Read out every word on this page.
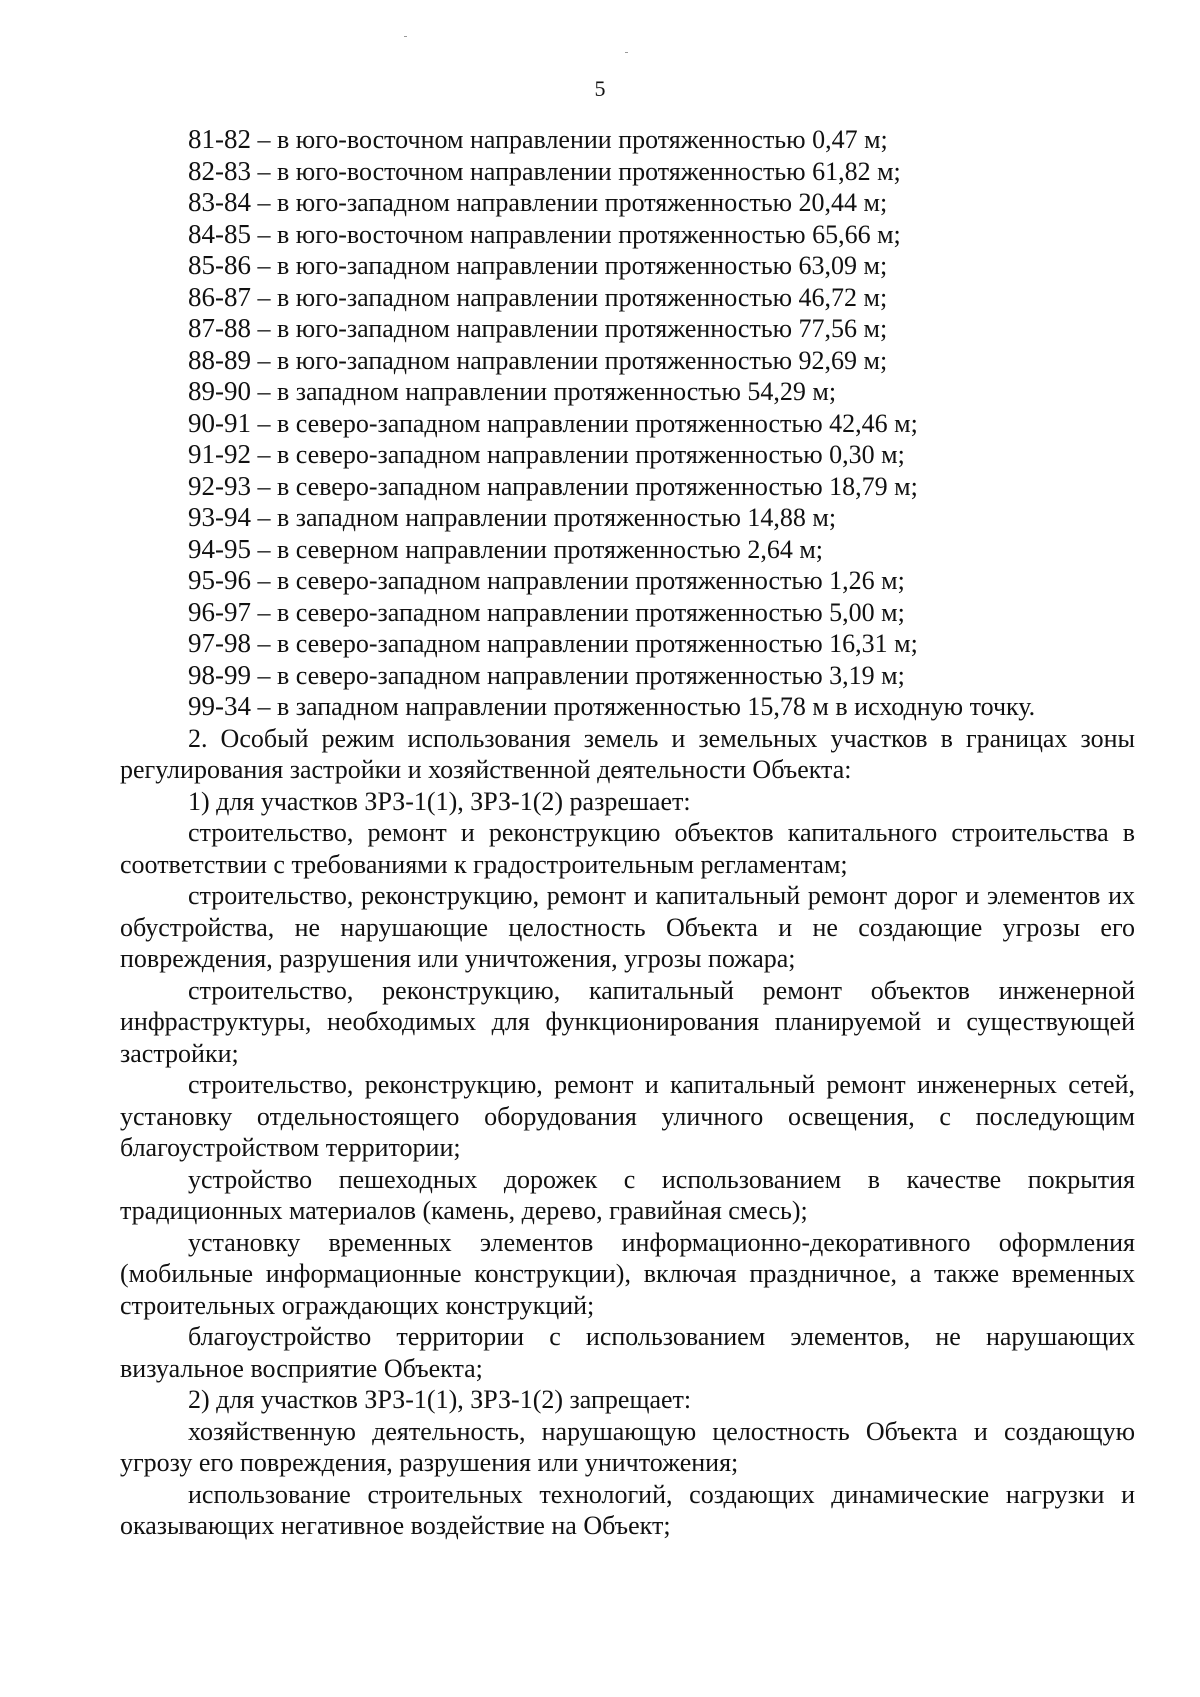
5

81-82 – в юго-восточном направлении протяженностью 0,47 м;

82-83 – в юго-восточном направлении протяженностью 61,82 м;

83-84 – в юго-западном направлении протяженностью 20,44 м;

84-85 – в юго-восточном направлении протяженностью 65,66 м;

85-86 – в юго-западном направлении протяженностью 63,09 м;

86-87 – в юго-западном направлении протяженностью 46,72 м;

87-88 – в юго-западном направлении протяженностью 77,56 м;

88-89 – в юго-западном направлении протяженностью 92,69 м;

89-90 – в западном направлении протяженностью 54,29 м;

90-91 – в северо-западном направлении протяженностью 42,46 м;

91-92 – в северо-западном направлении протяженностью 0,30 м;

92-93 – в северо-западном направлении протяженностью 18,79 м;

93-94 – в западном направлении протяженностью 14,88 м;

94-95 – в северном направлении протяженностью 2,64 м;

95-96 – в северо-западном направлении протяженностью 1,26 м;

96-97 – в северо-западном направлении протяженностью 5,00 м;

97-98 – в северо-западном направлении протяженностью 16,31 м;

98-99 – в северо-западном направлении протяженностью 3,19 м;

99-34 – в западном направлении протяженностью 15,78 м в исходную точку.

2. Особый режим использования земель и земельных участков в границах зоны регулирования застройки и хозяйственной деятельности Объекта:

1) для участков ЗРЗ-1(1), ЗРЗ-1(2) разрешает:

строительство, ремонт и реконструкцию объектов капитального строительства в соответствии с требованиями к градостроительным регламентам;

строительство, реконструкцию, ремонт и капитальный ремонт дорог и элементов их обустройства, не нарушающие целостность Объекта и не создающие угрозы его повреждения, разрушения или уничтожения, угрозы пожара;

строительство, реконструкцию, капитальный ремонт объектов инженерной инфраструктуры, необходимых для функционирования планируемой и существующей застройки;

строительство, реконструкцию, ремонт и капитальный ремонт инженерных сетей, установку отдельностоящего оборудования уличного освещения, с последующим благоустройством территории;

устройство пешеходных дорожек с использованием в качестве покрытия традиционных материалов (камень, дерево, гравийная смесь);

установку временных элементов информационно-декоративного оформления (мобильные информационные конструкции), включая праздничное, а также временных строительных ограждающих конструкций;

благоустройство территории с использованием элементов, не нарушающих визуальное восприятие Объекта;

2) для участков ЗРЗ-1(1), ЗРЗ-1(2) запрещает:

хозяйственную деятельность, нарушающую целостность Объекта и создающую угрозу его повреждения, разрушения или уничтожения;

использование строительных технологий, создающих динамические нагрузки и оказывающих негативное воздействие на Объект;
